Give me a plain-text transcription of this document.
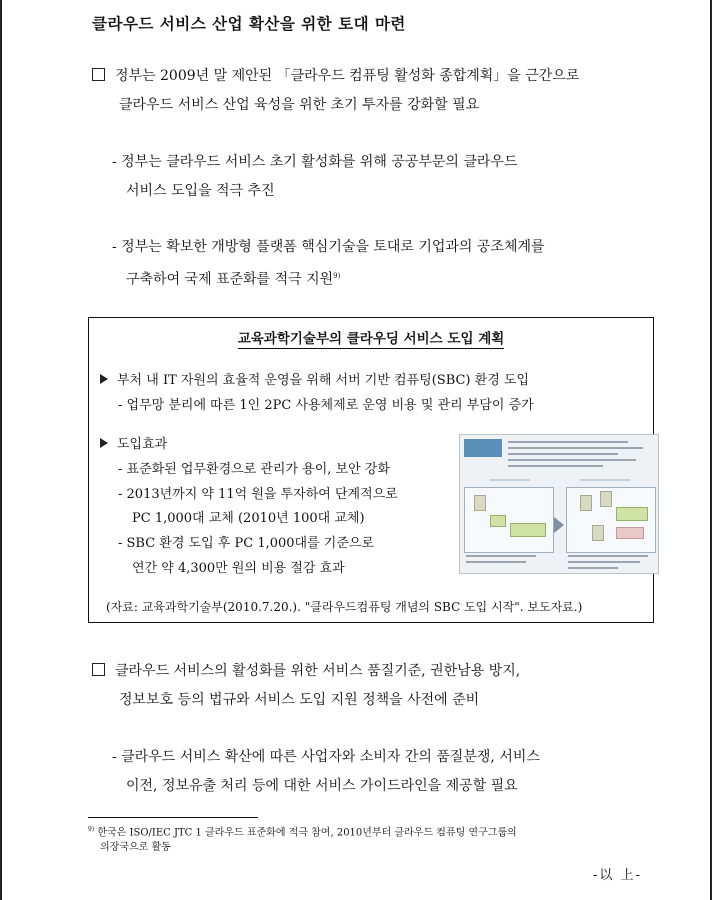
클라우드 서비스 산업 확산을 위한 토대 마련
정부는 2009년 말 제안된 「클라우드 컴퓨팅 활성화 종합계획」을 근간으로
클라우드 서비스 산업 육성을 위한 초기 투자를 강화할 필요
- 정부는 클라우드 서비스 초기 활성화를 위해 공공부문의 클라우드
서비스 도입을 적극 추진
- 정부는 확보한 개방형 플랫폼 핵심기술을 토대로 기업과의 공조체계를
구축하여 국제 표준화를 적극 지원$^{9)}$
교육과학기술부의 클라우딩 서비스 도입 계획
부처 내 IT 자원의 효율적 운영을 위해 서버 기반 컴퓨팅(SBC) 환경 도입
- 업무망 분리에 따른 1인 2PC 사용체제로 운영 비용 및 관리 부담이 증가
도입효과
- 표준화된 업무환경으로 관리가 용이, 보안 강화
- 2013년까지 약 11억 원을 투자하여 단계적으로
PC 1,000대 교체 (2010년 100대 교체)
- SBC 환경 도입 후 PC 1,000대를 기준으로
연간 약 4,300만 원의 비용 절감 효과
(자료: 교육과학기술부(2010.7.20.). "클라우드컴퓨팅 개념의 SBC 도입 시작". 보도자료.)
클라우드 서비스의 활성화를 위한 서비스 품질기준, 권한남용 방지,
정보보호 등의 법규와 서비스 도입 지원 정책을 사전에 준비
- 클라우드 서비스 확산에 따른 사업자와 소비자 간의 품질분쟁, 서비스
이전, 정보유출 처리 등에 대한 서비스 가이드라인을 제공할 필요
$^{9)}$ 한국은 ISO/IEC JTC 1 클라우드 표준화에 적극 참여, 2010년부터 클라우드 컴퓨팅 연구그룹의
의장국으로 활동
-以 上-
